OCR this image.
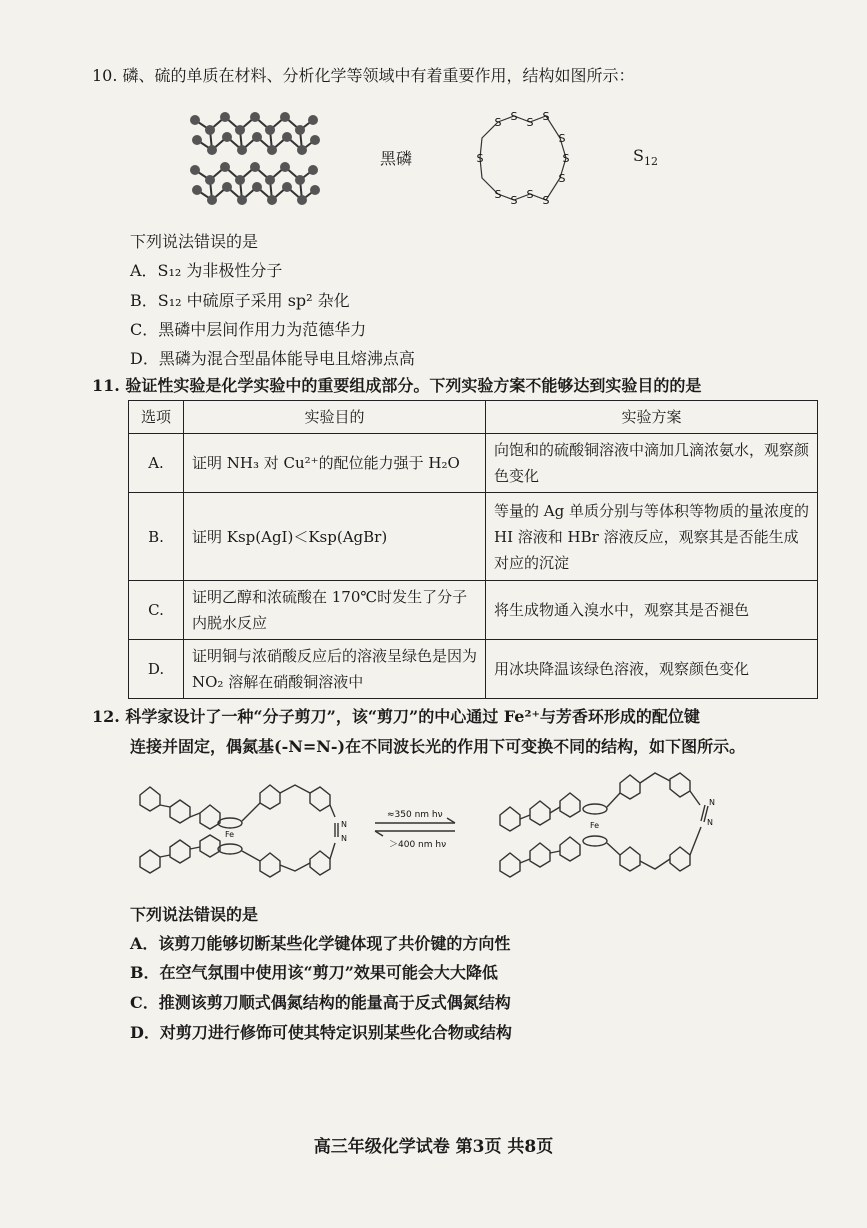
10. 磷、硫的单质在材料、分析化学等领域中有着重要作用，结构如图所示：
黑磷
S S S S
S
S
S
S
S
S
S
S	$S_{12}$
下列说法错误的是
A．S₁₂ 为非极性分子
B．S₁₂ 中硫原子采用 sp² 杂化
C．黑磷中层间作用力为范德华力
D．黑磷为混合型晶体能导电且熔沸点高
11. 验证性实验是化学实验中的重要组成部分。下列实验方案不能够达到实验目的的是
选项	实验目的	实验方案
A.	证明 NH₃ 对 Cu²⁺的配位能力强于 H₂O	向饱和的硫酸铜溶液中滴加几滴浓氨水，观察颜色变化
B.	证明 Ksp(AgI)＜Ksp(AgBr)	等量的 Ag 单质分别与等体积等物质的量浓度的 HI 溶液和 HBr 溶液反应，观察其是否能生成对应的沉淀
C.	证明乙醇和浓硫酸在 170℃时发生了分子内脱水反应	将生成物通入溴水中，观察其是否褪色
D.	证明铜与浓硝酸反应后的溶液呈绿色是因为 NO₂ 溶解在硝酸铜溶液中	用冰块降温该绿色溶液，观察颜色变化
12. 科学家设计了一种“分子剪刀”，该“剪刀”的中心通过 Fe²⁺与芳香环形成的配位键
连接并固定，偶氮基(-N=N-)在不同波长光的作用下可变换不同的结构，如下图所示。
Fe
Fe
N
N
N
N
≈350 nm hν
＞400 nm hν
下列说法错误的是
A．该剪刀能够切断某些化学键体现了共价键的方向性
B．在空气氛围中使用该“剪刀”效果可能会大大降低
C．推测该剪刀顺式偶氮结构的能量高于反式偶氮结构
D．对剪刀进行修饰可使其特定识别某些化合物或结构
高三年级化学试卷 第3页 共8页
